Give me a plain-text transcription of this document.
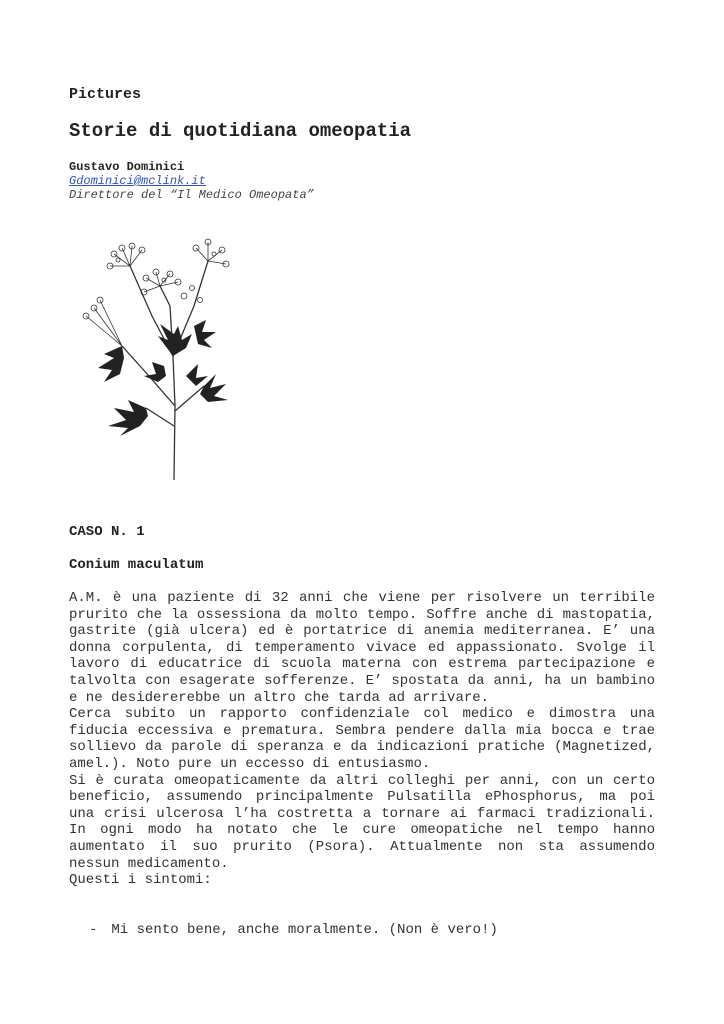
Pictures
Storie di quotidiana omeopatia
Gustavo Dominici
Gdominici@mclink.it
Direttore del “Il Medico Omeopata”
CASO N. 1
Conium maculatum

A.M. è una paziente di 32 anni che viene per risolvere un terribile prurito che la ossessiona da molto tempo. Soffre anche di mastopatia, gastrite (già ulcera) ed è portatrice di anemia mediterranea. E’ una donna corpulenta, di temperamento vivace ed appassionato. Svolge il lavoro di educatrice di scuola materna con estrema partecipazione e talvolta con esagerate sofferenze. E’ spostata da anni, ha un bambino e ne desidererebbe un altro che tarda ad arrivare.

Cerca subito un rapporto confidenziale col medico e dimostra una fiducia eccessiva e prematura. Sembra pendere dalla mia bocca e trae sollievo da parole di speranza e da indicazioni pratiche (Magnetized, amel.). Noto pure un eccesso di entusiasmo.

Si è curata omeopaticamente da altri colleghi per anni, con un certo beneficio, assumendo principalmente Pulsatilla ePhosphorus, ma poi una crisi ulcerosa l’ha costretta a tornare ai farmaci tradizionali. In ogni modo ha notato che le cure omeopatiche nel tempo hanno aumentato il suo prurito (Psora). Attualmente non sta assumendo nessun medicamento.

Questi i sintomi:

- Mi sento bene, anche moralmente. (Non è vero!)
